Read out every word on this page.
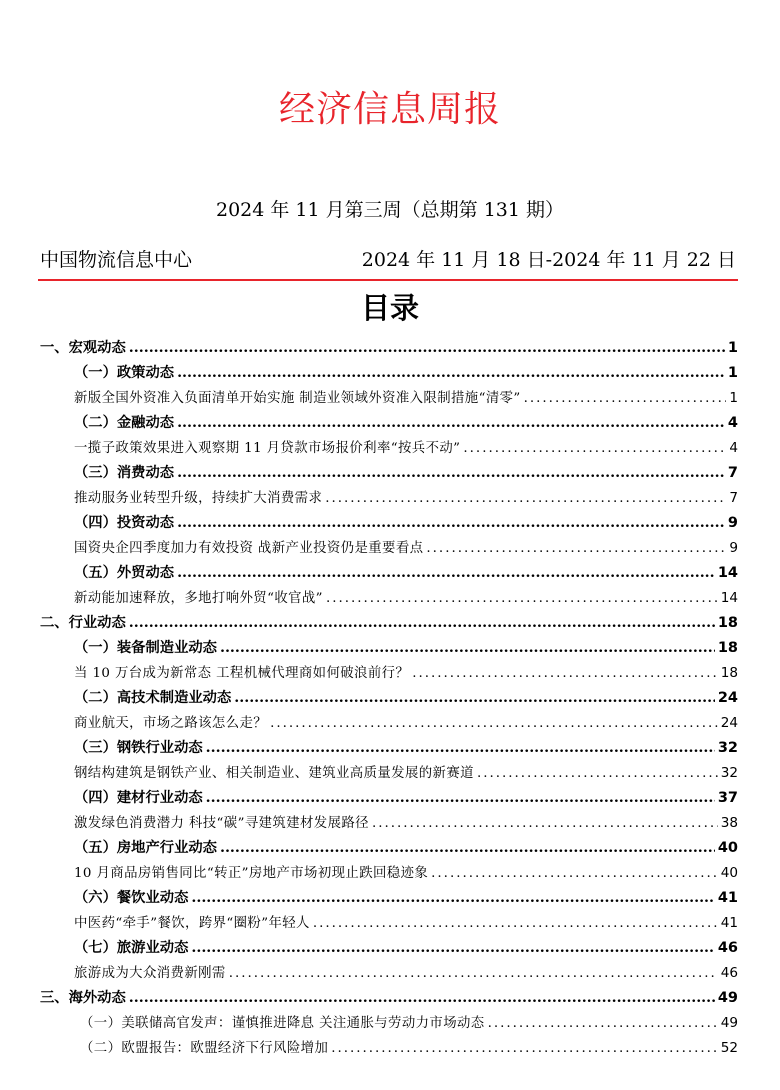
经济信息周报
2024 年 11 月第三周（总期第 131 期）
中国物流信息中心	2024 年 11 月 18 日-2024 年 11 月 22 日
目录
一、宏观动态 .....	1
（一）政策动态 .....	1
新版全国外资准入负面清单开始实施 制造业领域外资准入限制措施“清零” .....	1
（二）金融动态 .....	4
一揽子政策效果进入观察期 11 月贷款市场报价利率“按兵不动” .....	4
（三）消费动态 .....	7
推动服务业转型升级，持续扩大消费需求 .....	7
（四）投资动态 .....	9
国资央企四季度加力有效投资 战新产业投资仍是重要看点 .....	9
（五）外贸动态 .....	14
新动能加速释放，多地打响外贸“收官战” .....	14
二、行业动态 .....	18
（一）装备制造业动态 .....	18
当 10 万台成为新常态 工程机械代理商如何破浪前行？ .....	18
（二）高技术制造业动态 .....	24
商业航天，市场之路该怎么走？ .....	24
（三）钢铁行业动态 .....	32
钢结构建筑是钢铁产业、相关制造业、建筑业高质量发展的新赛道 .....	32
（四）建材行业动态 .....	37
激发绿色消费潜力 科技“碳”寻建筑建材发展路径 .....	38
（五）房地产行业动态 .....	40
10 月商品房销售同比“转正”房地产市场初现止跌回稳迹象 .....	40
（六）餐饮业动态 .....	41
中医药“牵手”餐饮，跨界“圈粉”年轻人 .....	41
（七）旅游业动态 .....	46
旅游成为大众消费新刚需 .....	46
三、海外动态 .....	49
（一）美联储高官发声：谨慎推进降息 关注通胀与劳动力市场动态 .....	49
（二）欧盟报告：欧盟经济下行风险增加 .....	52
